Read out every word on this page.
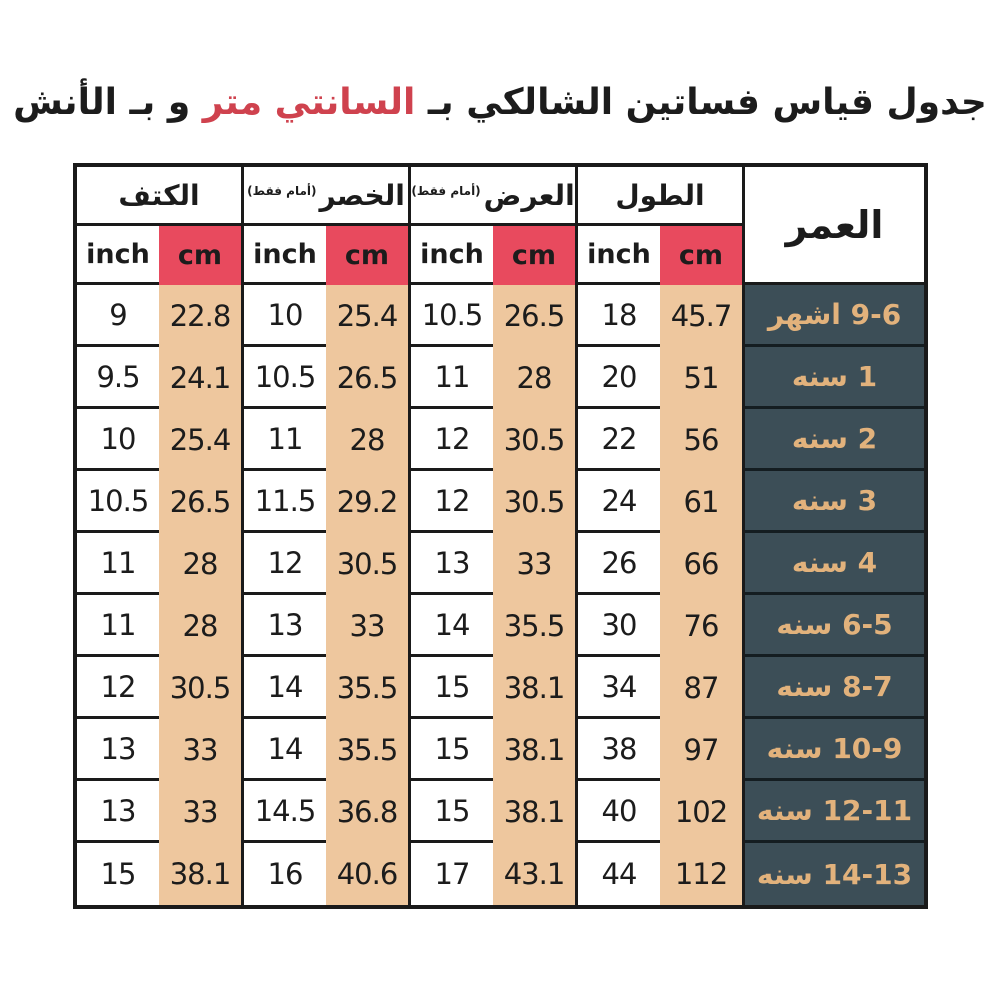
جدول قياس فساتين الشالكي بـ السانتي متر و بـ الأنش
الكتف
inch
9
9.5
10
10.5
11
11
12
13
13
15
cm
22.8
24.1
25.4
26.5
28
28
30.5
33
33
38.1
الخصر
(أمام فقط)
inch
10
10.5
11
11.5
12
13
14
14
14.5
16
cm
25.4
26.5
28
29.2
30.5
33
35.5
35.5
36.8
40.6
العرض
(أمام فقط)
inch
10.5
11
12
12
13
14
15
15
15
17
cm
26.5
28
30.5
30.5
33
35.5
38.1
38.1
38.1
43.1
الطول
inch
18
20
22
24
26
30
34
38
40
44
cm
45.7
51
56
61
66
76
87
97
102
112
العمر
9-6 اشهر
1 سنه
2 سنه
3 سنه
4 سنه
6-5 سنه
8-7 سنه
10-9 سنه
12-11 سنه
14-13 سنه
